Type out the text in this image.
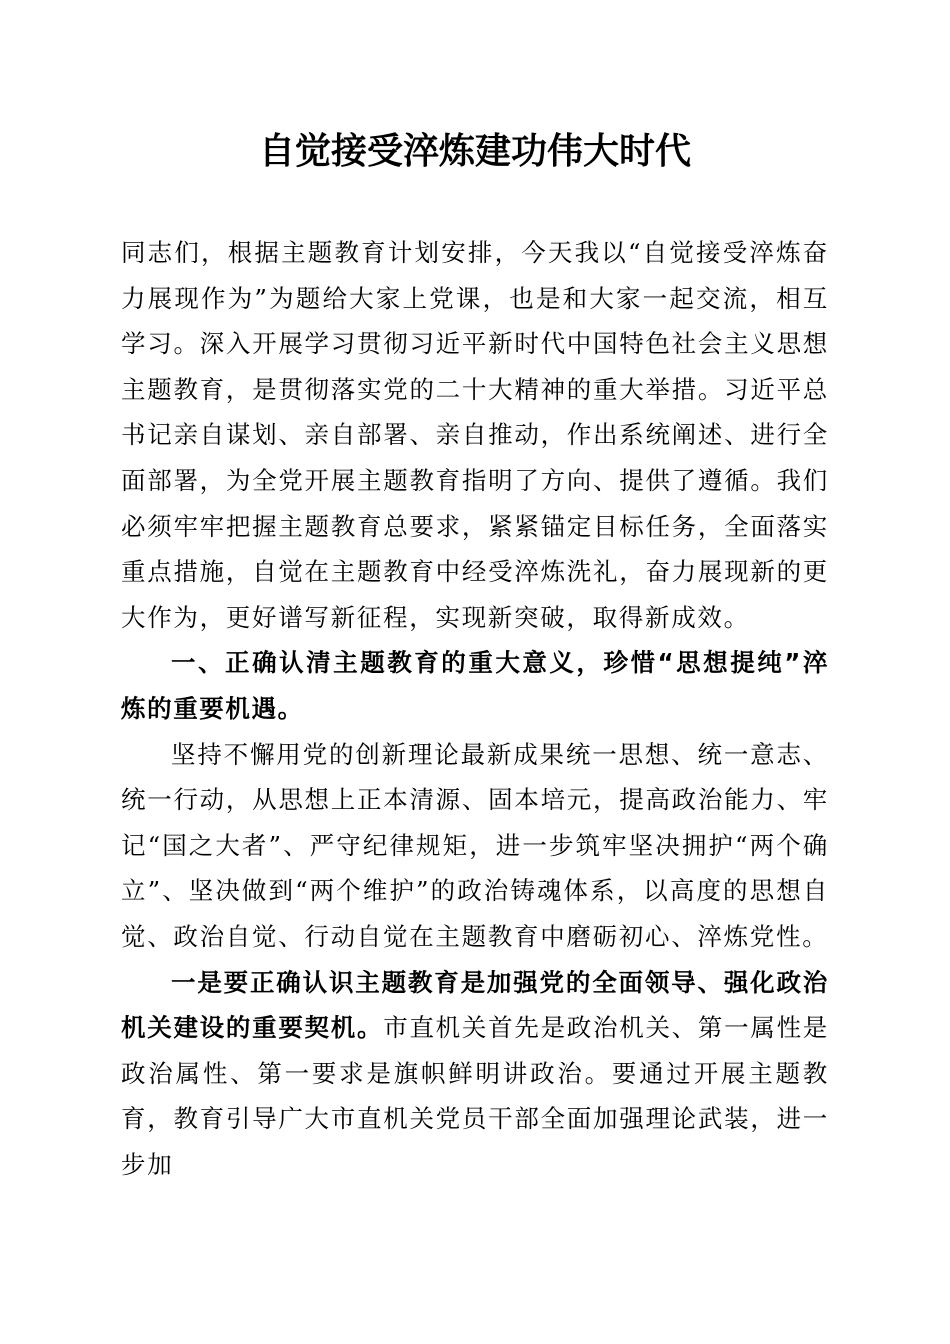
自觉接受淬炼建功伟大时代

同志们，根据主题教育计划安排，今天我以“自觉接受淬炼奋力展现作为”为题给大家上党课，也是和大家一起交流，相互学习。深入开展学习贯彻习近平新时代中国特色社会主义思想主题教育，是贯彻落实党的二十大精神的重大举措。习近平总书记亲自谋划、亲自部署、亲自推动，作出系统阐述、进行全面部署，为全党开展主题教育指明了方向、提供了遵循。我们必须牢牢把握主题教育总要求，紧紧锚定目标任务，全面落实重点措施，自觉在主题教育中经受淬炼洗礼，奋力展现新的更大作为，更好谱写新征程，实现新突破，取得新成效。

一、正确认清主题教育的重大意义，珍惜“思想提纯”淬炼的重要机遇。

坚持不懈用党的创新理论最新成果统一思想、统一意志、统一行动，从思想上正本清源、固本培元，提高政治能力、牢记“国之大者”、严守纪律规矩，进一步筑牢坚决拥护“两个确立”、坚决做到“两个维护”的政治铸魂体系，以高度的思想自觉、政治自觉、行动自觉在主题教育中磨砺初心、淬炼党性。

一是要正确认识主题教育是加强党的全面领导、强化政治机关建设的重要契机。市直机关首先是政治机关、第一属性是政治属性、第一要求是旗帜鲜明讲政治。要通过开展主题教育，教育引导广大市直机关党员干部全面加强理论武装，进一步加
